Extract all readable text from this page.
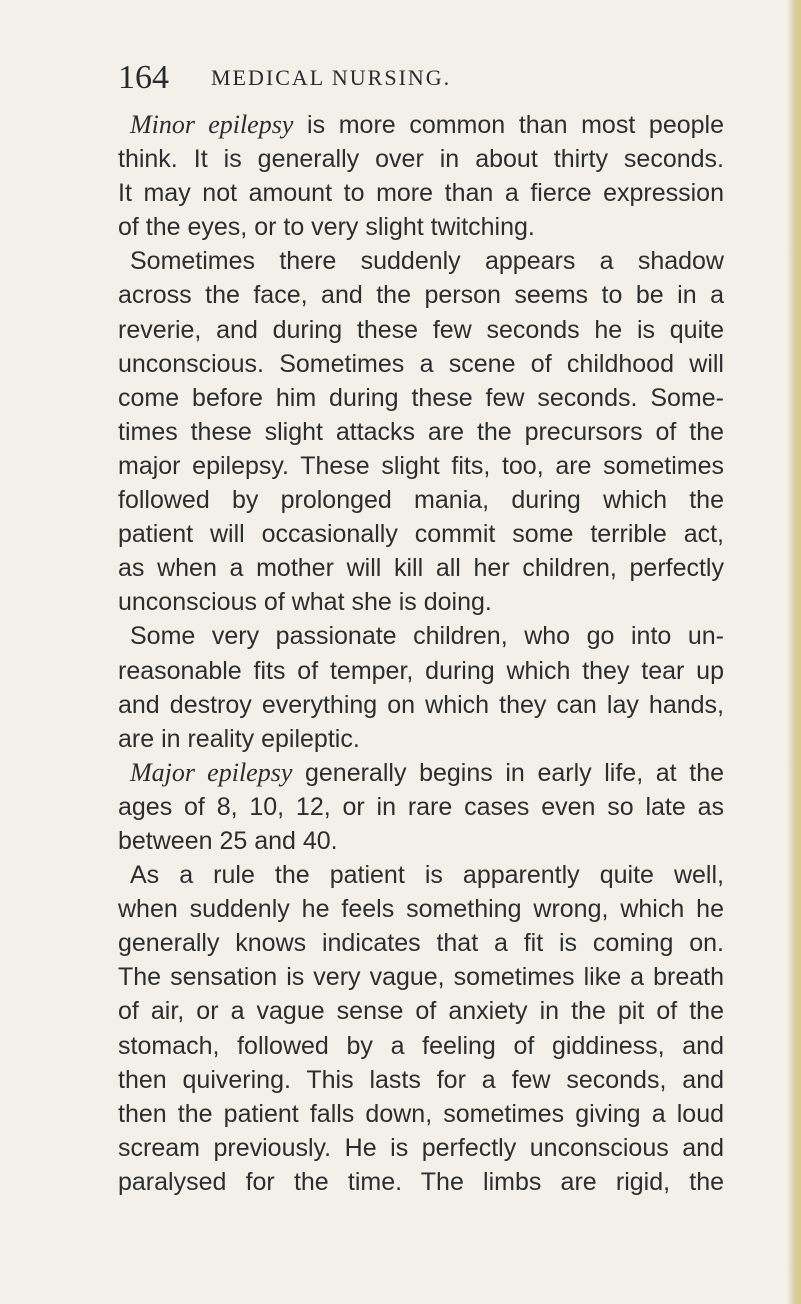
164 MEDICAL NURSING.
Minor epilepsy is more common than most people
think. It is generally over in about thirty seconds.
It may not amount to more than a fierce expression
of the eyes, or to very slight twitching.
Sometimes there suddenly appears a shadow
across the face, and the person seems to be in a
reverie, and during these few seconds he is quite
unconscious. Sometimes a scene of childhood will
come before him during these few seconds. Some-
times these slight attacks are the precursors of the
major epilepsy. These slight fits, too, are sometimes
followed by prolonged mania, during which the
patient will occasionally commit some terrible act,
as when a mother will kill all her children, perfectly
unconscious of what she is doing.
Some very passionate children, who go into un-
reasonable fits of temper, during which they tear up
and destroy everything on which they can lay hands,
are in reality epileptic.
Major epilepsy generally begins in early life, at the
ages of 8, 10, 12, or in rare cases even so late as
between 25 and 40.
As a rule the patient is apparently quite well,
when suddenly he feels something wrong, which he
generally knows indicates that a fit is coming on.
The sensation is very vague, sometimes like a breath
of air, or a vague sense of anxiety in the pit of the
stomach, followed by a feeling of giddiness, and
then quivering. This lasts for a few seconds, and
then the patient falls down, sometimes giving a loud
scream previously. He is perfectly unconscious and
paralysed for the time. The limbs are rigid, the
